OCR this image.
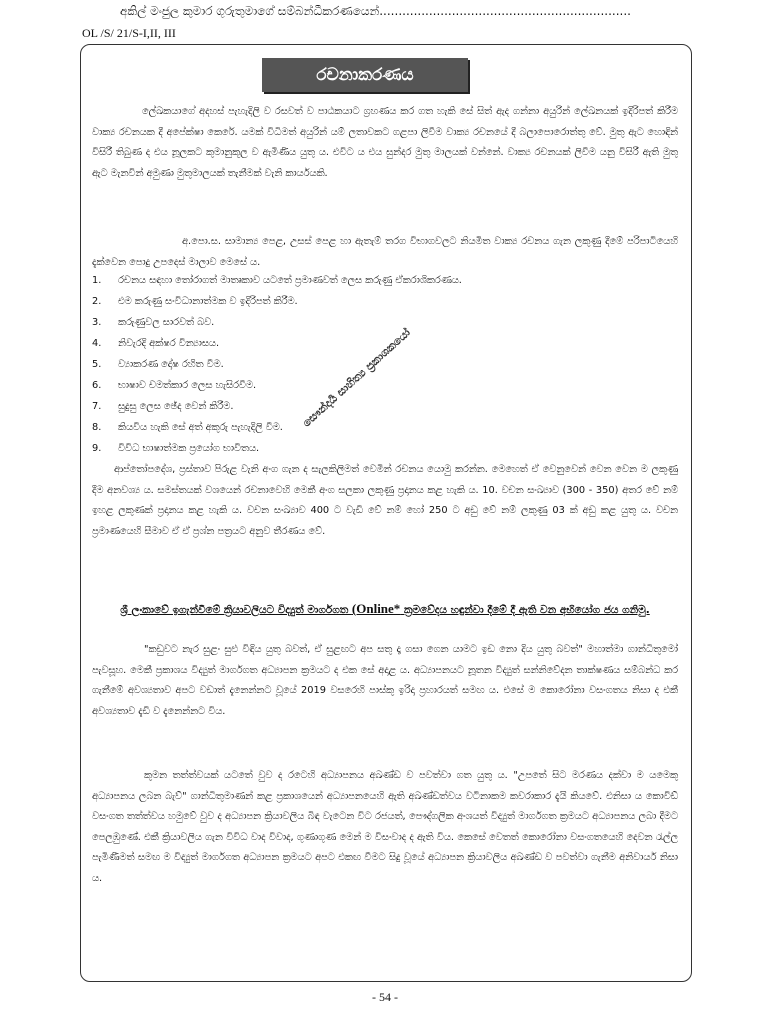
අකිල් මංජුල කුමාර ගුරුතුමාගේ සම්බන්ධීකරණයෙන්..................................................................
OL /S/ 21/S-I,II, III
රචනාකරණය
ලේඛකයාගේ අදහස් පැහැදිලි ව රසවත් ව පාඨකයාට ග්‍රහණය කර ගත හැකි සේ සිත් ඇද ගන්නා අයුරින් ලේඛනයක් ඉදිරිපත් කිරීම වාක්‍ය රචනයක දී අපේක්ෂා කෙරේ. යමක් විධිමත් අයුරින් යම් ලතාවකට ගළපා ලිවීම වාක්‍ය රචනයේ දී බලාපොරොත්තු වේ. මුතු ඇට හොඳින් විසිරී තිබුණ ද එය නූලකට කුමානුකූල ව ඇමිණිය යුතු ය. එවිට ය එය සුන්දර මුතු මාලයක් වන්නේ. වාක්‍ය රචනයක් ලිවීම යනු විසිරී ඇති මුතු ඇට මැනවින් අමුණා මුතුමාලයක් තැනීමක් වැනි කාර්යයකි.
අ.පො.ස. සාමාන්‍ය පෙළ, උසස් පෙළ හා ඇතැම් තරග විභාගවලට නියමිත වාක්‍ය රචනය ගැන ලකුණු දීමේ පරිපාටියෙහි දැක්වෙන පොදු උපදෙස් මාලාව මෙසේ ය.
1. රචනය සඳහා තෝරාගත් මාතෘකාව යටතේ ප්‍රමාණවත් ලෙස කරුණු ඒකරාශිකරණය.
2. එම කරුණු සංවිධානාත්මක ව ඉදිරිපත් කිරීම.
3. කරුණුවල සාරවත් බව.
4. නිවැරදි අක්ෂර වින්‍යාසය.
5. ව්‍යාකරණ දෝෂ රහිත වීම.
6. භාෂාව චමත්කාර ලෙස හැසිරවීම.
7. සුදුසු ලෙස ඡේද වෙන් කිරීම.
8. කියවිය හැකි සේ අත් අකුරු පැහැදිලි වීම.
9. විවිධ භාෂාත්මක ප්‍රයෝග භාවිතය.
ආප්තෝපදේශ, ප්‍රස්තාව පිරුළ වැනි අංග ගැන ද සැලකිලිමත් වෙමින් රචනය යොමු කරන්න. මෙහෙත් ඒ වෙනුවෙන් වෙන වෙන ම ලකුණු දීම අනවශ්‍ය ය. සමස්තයක් වශයෙන් රචනාවෙහි මෙකී අංග සලකා ලකුණු ප්‍රදානය කළ හැකි ය. 10. වචන සංඛ්‍යාව (300 - 350) අතර වේ නම් ඉහළ ලකුණක් ප්‍රදානය කළ හැකි ය. වචන සංඛ්‍යාව 400 ට වැඩි වේ නම් හෝ 250 ට අඩු වේ නම් ලකුණු 03 ක් අඩු කළ යුතු ය. වචන ප්‍රමාණයෙහි සීමාව ඒ ඒ ප්‍රශ්න පත්‍රයට අනුව තීරණය වේ.
සෞන්දර්‍ය සාහිත්‍ය ප්‍රකාශකයෝ
ශ්‍රී ලංකාවේ ඉගැන්වීමේ ක්‍රියාවලියට විද්‍යුත් මාර්ගගත (Online* ක්‍රමවේදය හඳුන්වා දීමේ දී ඇති වන අභියෝග ජය ගනිමු.
"කඩුවට නැර සුළං සුළු විඳිය යුතු බවත්, ඒ සුළඟට අප සතු දෑ ගසා ගෙන යාමට ඉඩ නො දිය යුතු බවත්" මහාත්මා ගාන්ධිතුමෝ පැවසූහ. මෙකී ප්‍රකාශය විද්‍යුත් මාර්ගගත අධ්‍යාපන ක්‍රමයට ද එක සේ අදාළ ය. අධ්‍යාපනයට නූතන විද්‍යුත් සන්නිවේදන තාක්ෂණය සම්බන්ධ කර ගැනීමේ අවශ්‍යතාව අපට වඩාත් දැනෙන්නට වූයේ 2019 වසරෙහි පාස්කු ඉරිදා ප්‍රහාරයත් සමඟ ය. එසේ ම කොරෝනා වසංගතය නිසා ද එකී අවශ්‍යතාව දැඩි ව දැනෙන්නට විය.
කුමන තත්ත්වයක් යටතේ වුව ද රටෙහි අධ්‍යාපනය අඛණ්ඩ ව පවත්වා ගත යුතු ය. "උපතේ සිට මරණය දක්වා ම යමෙකු අධ්‍යාපනය ලබන බැව්" ගාන්ධිතුමාණන් කළ ප්‍රකාශයෙන් අධ්‍යාපනයෙහි ඇති අඛණ්ඩත්වය වටිනාකම කවරාකාර දැයි කියවේ. එනිසා ය කොවිඩ් වසංගත තත්ත්වය හමුවේ වුව ද අධ්‍යාපන ක්‍රියාවලිය බිඳ වැටෙන විට රජයත්, පෞද්ගලික අංශයත් විද්‍යුත් මාර්ගගත ක්‍රමයට අධ්‍යාපනය ලබා දීමට පෙලඹුණේ. එකී ක්‍රියාවලිය ගැන විවිධ වාද විවාද, ගුණාගුණ මෙන් ම විසංවාද ද ඇති විය. කෙසේ වෙතත් කොරෝනා වසංගතයෙහි දෙවන රැල්ල පැමිණීමත් සමඟ ම විද්‍යුත් මාර්ගගත අධ්‍යාපන ක්‍රමයට අපට එකඟ වීමට සිදු වූයේ අධ්‍යාපන ක්‍රියාවලිය අඛණ්ඩ ව පවත්වා ගැනීම අනිවාර්ය නිසා ය.
- 54 -
